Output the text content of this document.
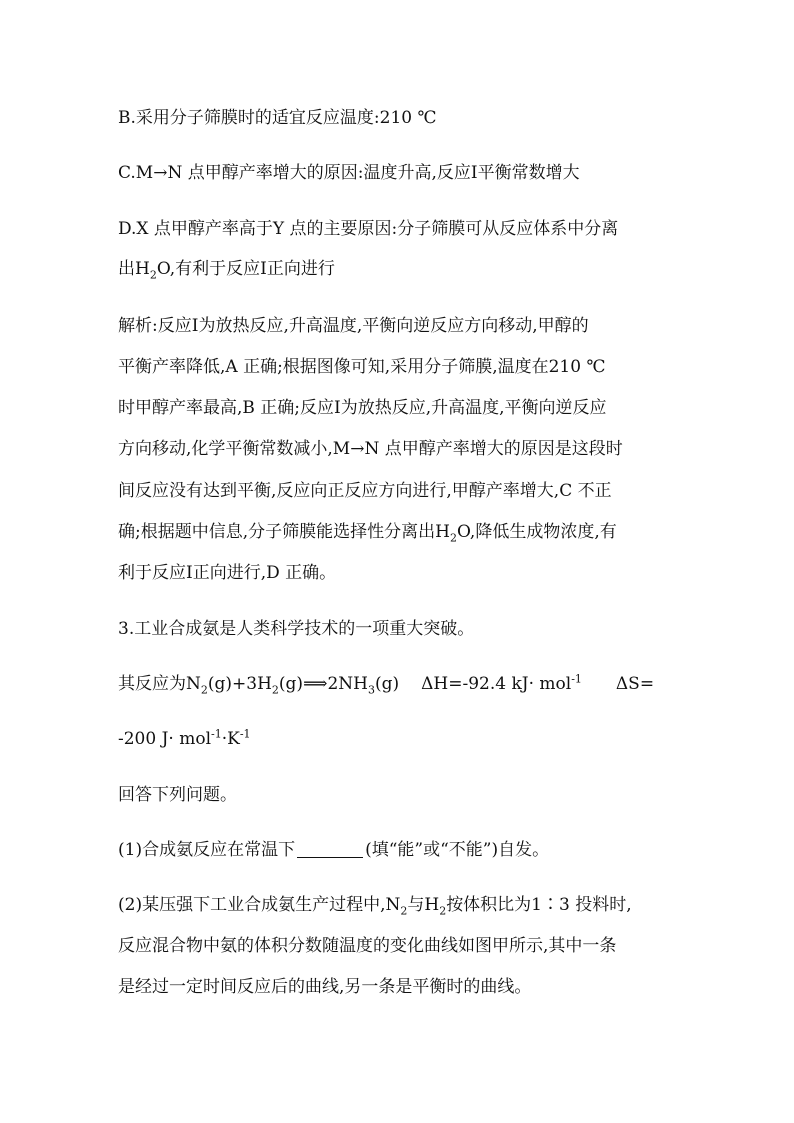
B.采用分子筛膜时的适宜反应温度:210 ℃
C.M→N 点甲醇产率增大的原因:温度升高,反应Ⅰ平衡常数增大
D.X 点甲醇产率高于Y 点的主要原因:分子筛膜可从反应体系中分离
出$H_2O$,有利于反应Ⅰ正向进行
解析:反应Ⅰ为放热反应,升高温度,平衡向逆反应方向移动,甲醇的
平衡产率降低,A 正确;根据图像可知,采用分子筛膜,温度在210 ℃
时甲醇产率最高,B 正确;反应Ⅰ为放热反应,升高温度,平衡向逆反应
方向移动,化学平衡常数减小,M→N 点甲醇产率增大的原因是这段时
间反应没有达到平衡,反应向正反应方向进行,甲醇产率增大,C 不正
确;根据题中信息,分子筛膜能选择性分离出$H_2O$,降低生成物浓度,有
利于反应Ⅰ正向进行,D 正确。
3.工业合成氨是人类科学技术的一项重大突破。
其反应为$N_2(g)+3H_2(g)⟹2NH_3(g)$ ΔH=-92.4 kJ· mol$^{-1}$ ΔS=
-200 $J\cdot mol^{-1}\cdot K^{-1}$
回答下列问题。
(1)合成氨反应在常温下	(填“能”或“不能”)自发。
(2)某压强下工业合成氨生产过程中$,N_2$与$H_2$按体积比为1∶3 投料时,
反应混合物中氨的体积分数随温度的变化曲线如图甲所示,其中一条
是经过一定时间反应后的曲线,另一条是平衡时的曲线。
